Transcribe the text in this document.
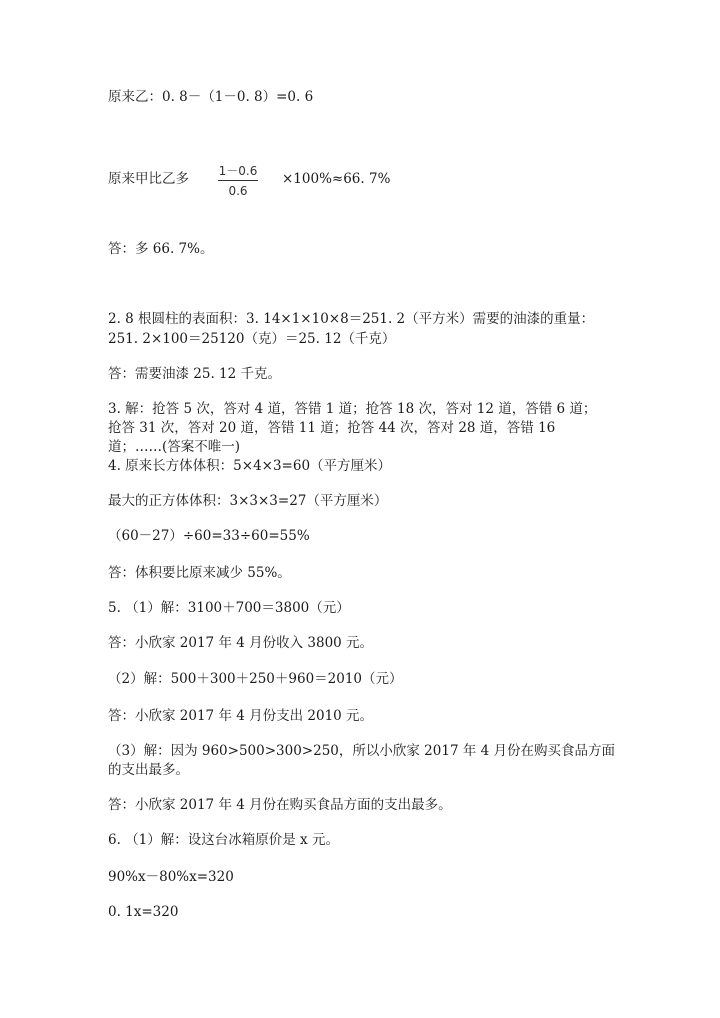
原来乙：0. 8－（1－0. 8）=0. 6
原来甲比乙多 $\frac{1-0.6}{0.6} \times 100\%\approx 66$. 7%
答：多 66. 7%。
2. 8 根圆柱的表面积：3. 14×1×10×8＝251. 2（平方米）需要的油漆的重量：
251. 2×100＝25120（克）＝25. 12（千克）
答：需要油漆 25. 12 千克。
3. 解：抢答 5 次，答对 4 道，答错 1 道；抢答 18 次，答对 12 道，答错 6 道；
抢答 31 次，答对 20 道，答错 11 道；抢答 44 次，答对 28 道，答错 16
道；……(答案不唯一)
4. 原来长方体体积：5×4×3=60（平方厘米）
最大的正方体体积：3×3×3=27（平方厘米）
（60－27）÷60=33÷60=55%
答：体积要比原来减少 55%。
5. （1）解：3100＋700＝3800（元）
答：小欣家 2017 年 4 月份收入 3800 元。
（2）解：500＋300＋250＋960＝2010（元）
答：小欣家 2017 年 4 月份支出 2010 元。
（3）解：因为 960>500>300>250，所以小欣家 2017 年 4 月份在购买食品方面
的支出最多。
答：小欣家 2017 年 4 月份在购买食品方面的支出最多。
6. （1）解：设这台冰箱原价是 x 元。
90%x－80%x=320
0. 1x=320
